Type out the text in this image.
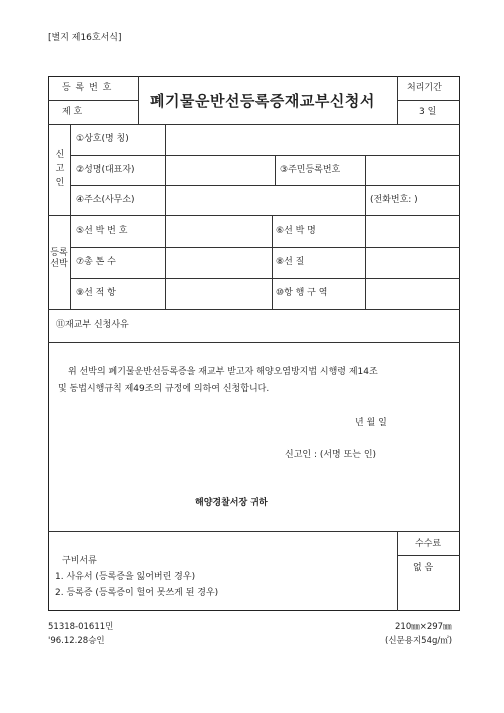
[별지 제16호서식]
등 록 번 호
제 호
폐기물운반선등록증재교부신청서
처리기간
3 일
신고인
①상호(명 칭)
②성명(대표자)	③주민등록번호
④주소(사무소)	(전화번호: )
등록선박
⑤선 박 번 호	⑥선 박 명
⑦총 톤 수	⑧선 질
⑨선 적 항	⑩항 행 구 역
⑪재교부 신청사유
위 선박의 폐기물운반선등록증을 재교부 받고자 해양오염방지법 시행령 제14조
및 동법시행규칙 제49조의 규정에 의하여 신청합니다.
년 월 일
신고인 : (서명 또는 인)
해양경찰서장 귀하
구비서류
1. 사유서 (등록증을 잃어버린 경우)
2. 등록증 (등록증이 헐어 못쓰게 된 경우)
수수료
없 음
51318-01611민
'96.12.28승인
210㎜×297㎜
(신문용지54g/㎡)
